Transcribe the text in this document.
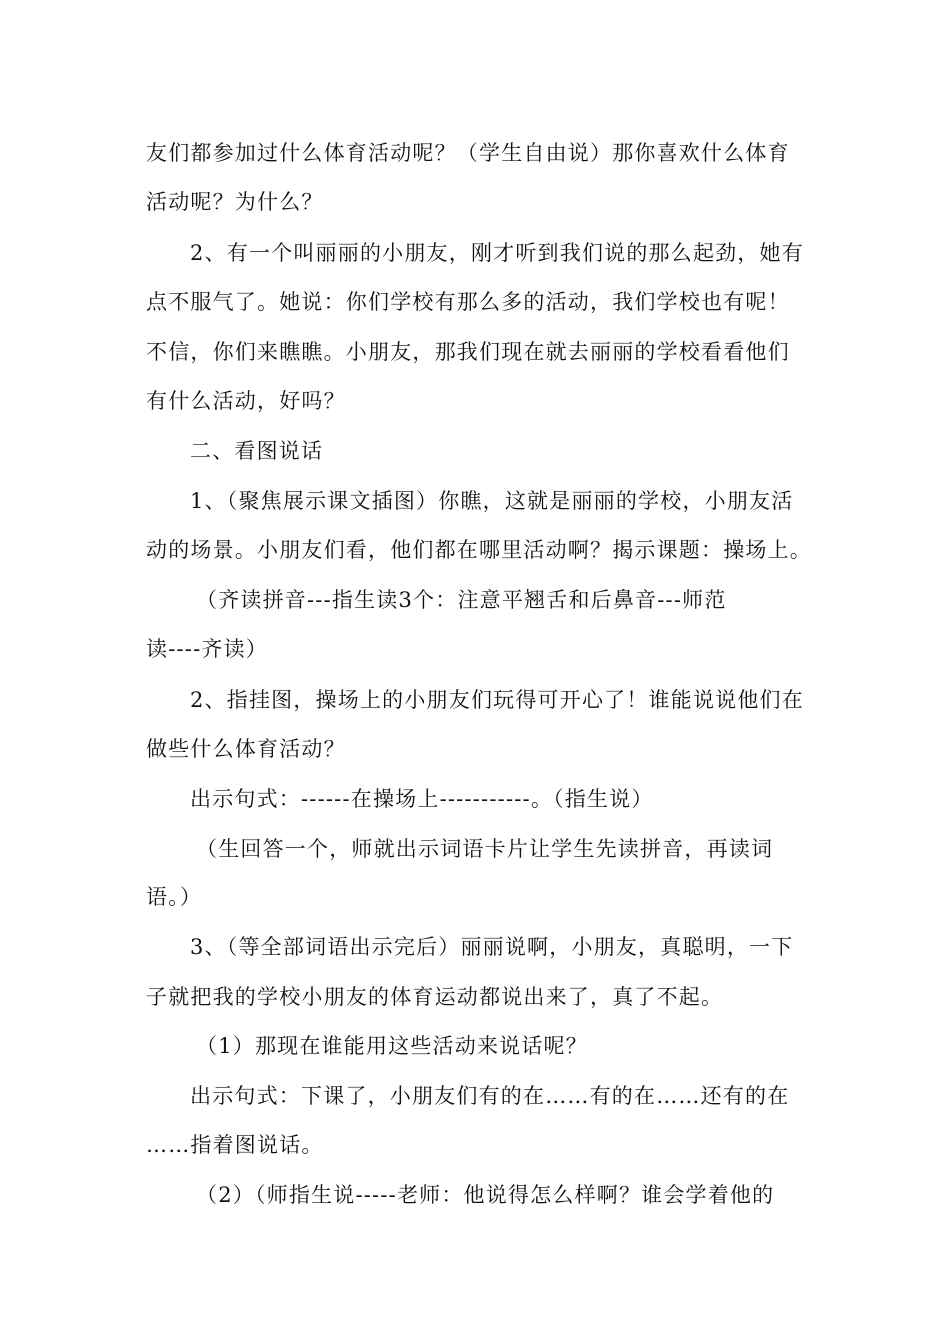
友们都参加过什么体育活动呢？（学生自由说）那你喜欢什么体育
活动呢？为什么？
2、有一个叫丽丽的小朋友，刚才听到我们说的那么起劲，她有
点不服气了。她说：你们学校有那么多的活动，我们学校也有呢！
不信，你们来瞧瞧。小朋友，那我们现在就去丽丽的学校看看他们
有什么活动，好吗？
二、看图说话
1、（聚焦展示课文插图）你瞧，这就是丽丽的学校，小朋友活
动的场景。小朋友们看，他们都在哪里活动啊？揭示课题：操场上。
（齐读拼音---指生读3个：注意平翘舌和后鼻音---师范
读----齐读）
2、指挂图，操场上的小朋友们玩得可开心了！谁能说说他们在
做些什么体育活动？
出示句式：------在操场上-----------。（指生说）
（生回答一个，师就出示词语卡片让学生先读拼音，再读词
语。）
3、（等全部词语出示完后）丽丽说啊，小朋友，真聪明，一下
子就把我的学校小朋友的体育运动都说出来了，真了不起。
（1）那现在谁能用这些活动来说话呢？
出示句式：下课了，小朋友们有的在……有的在……还有的在
……指着图说话。
（2）（师指生说-----老师：他说得怎么样啊？谁会学着他的
